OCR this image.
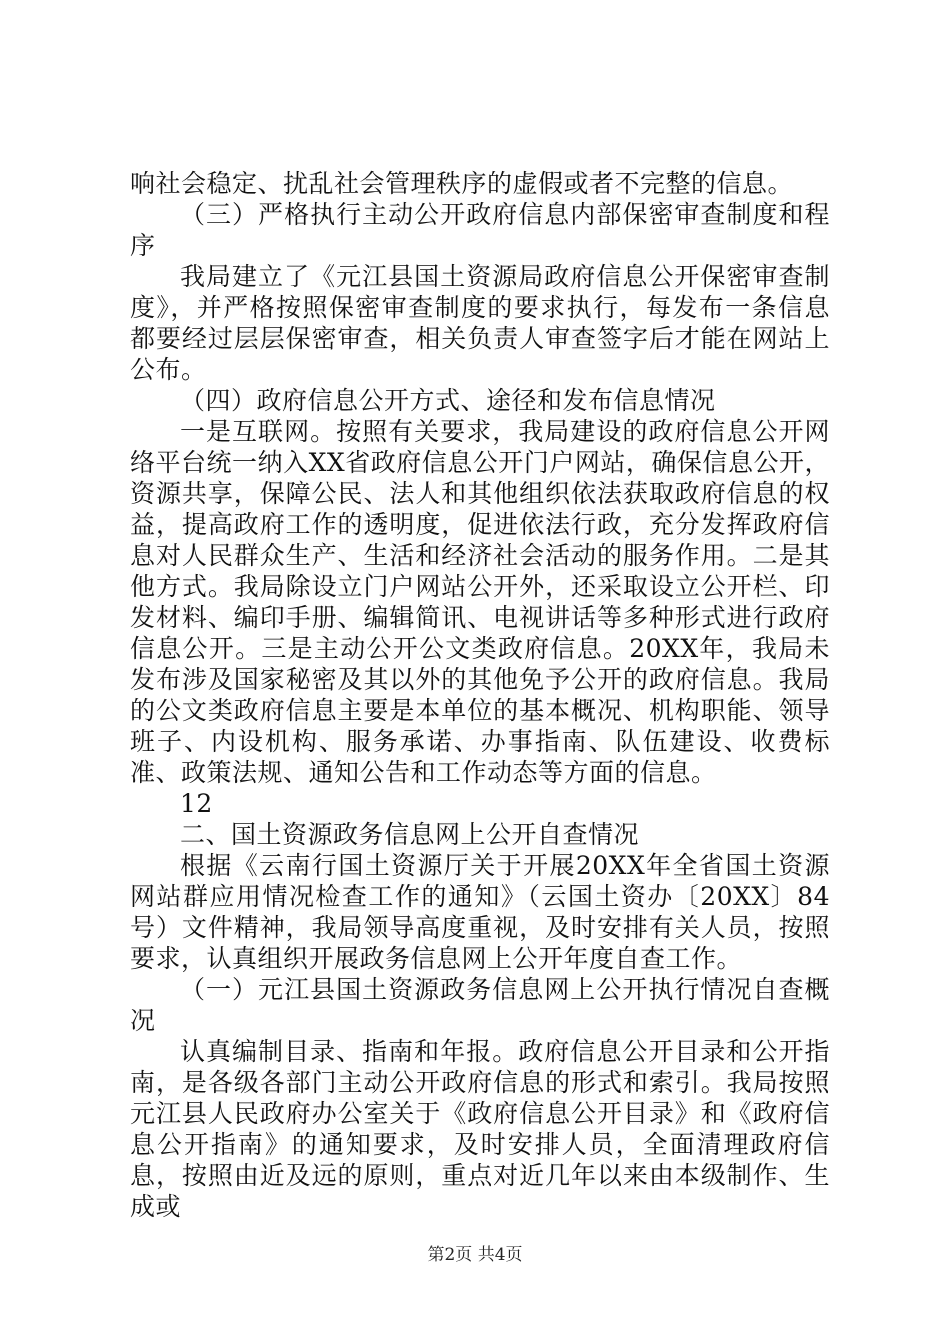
响社会稳定、扰乱社会管理秩序的虚假或者不完整的信息。

（三）严格执行主动公开政府信息内部保密审查制度和程序

我局建立了《元江县国土资源局政府信息公开保密审查制度》，并严格按照保密审查制度的要求执行，每发布一条信息都要经过层层保密审查，相关负责人审查签字后才能在网站上公布。

（四）政府信息公开方式、途径和发布信息情况

一是互联网。按照有关要求，我局建设的政府信息公开网络平台统一纳入XX省政府信息公开门户网站，确保信息公开，资源共享，保障公民、法人和其他组织依法获取政府信息的权益，提高政府工作的透明度，促进依法行政，充分发挥政府信息对人民群众生产、生活和经济社会活动的服务作用。二是其他方式。我局除设立门户网站公开外，还采取设立公开栏、印发材料、编印手册、编辑简讯、电视讲话等多种形式进行政府信息公开。三是主动公开公文类政府信息。20XX年，我局未发布涉及国家秘密及其以外的其他免予公开的政府信息。我局的公文类政府信息主要是本单位的基本概况、机构职能、领导班子、内设机构、服务承诺、办事指南、队伍建设、收费标准、政策法规、通知公告和工作动态等方面的信息。

12

二、国土资源政务信息网上公开自查情况

根据《云南行国土资源厅关于开展20XX年全省国土资源网站群应用情况检查工作的通知》（云国土资办〔20XX〕84号）文件精神，我局领导高度重视，及时安排有关人员，按照要求，认真组织开展政务信息网上公开年度自查工作。

（一）元江县国土资源政务信息网上公开执行情况自查概况

认真编制目录、指南和年报。政府信息公开目录和公开指南，是各级各部门主动公开政府信息的形式和索引。我局按照元江县人民政府办公室关于《政府信息公开目录》和《政府信息公开指南》的通知要求，及时安排人员，全面清理政府信息，按照由近及远的原则，重点对近几年以来由本级制作、生成或

第2页 共4页
